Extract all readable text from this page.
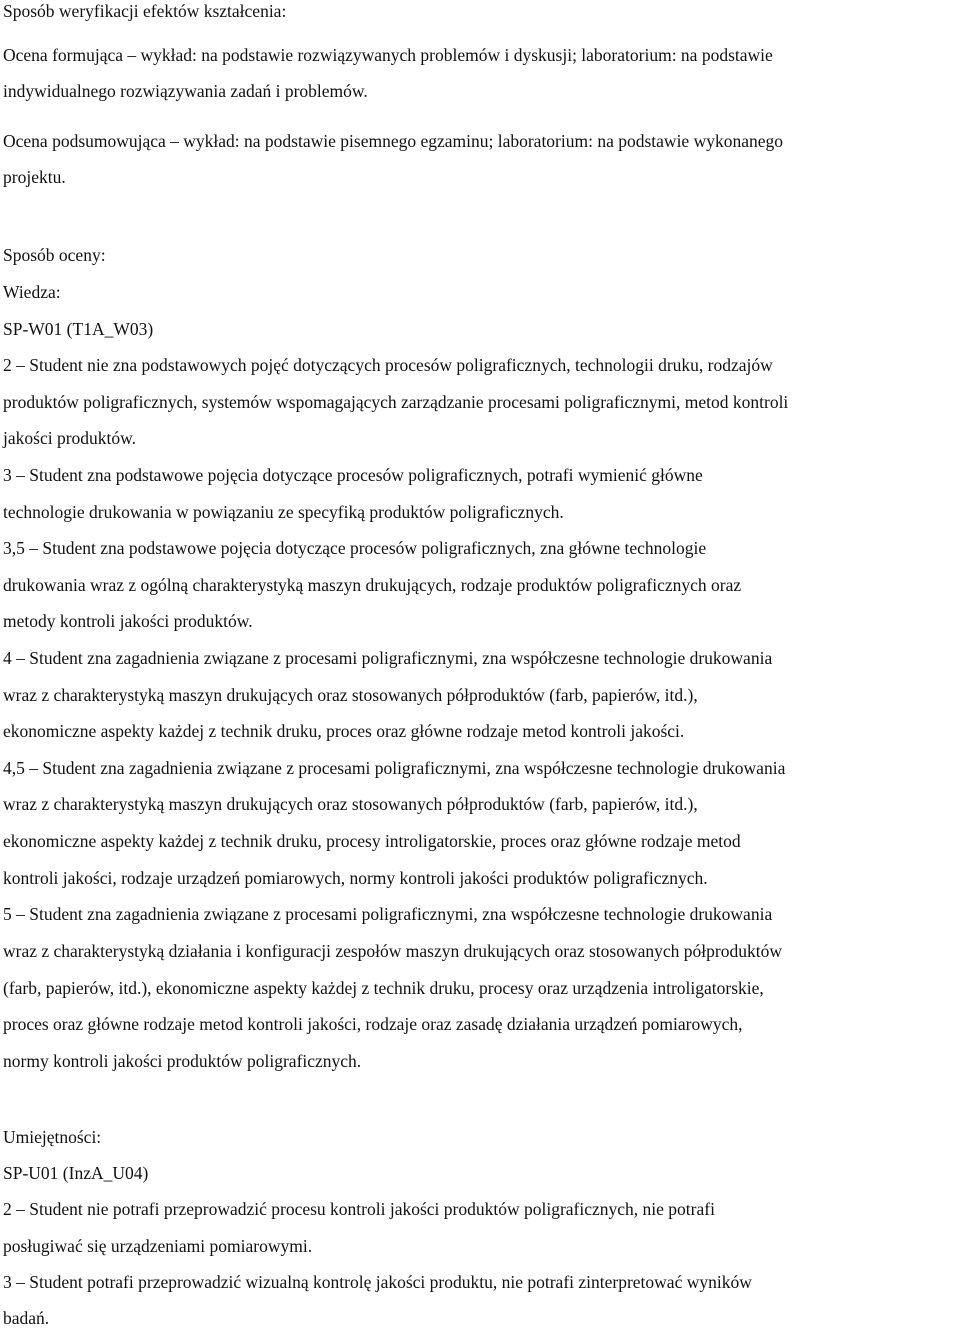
Sposób weryfikacji efektów kształcenia:
Ocena formująca – wykład: na podstawie rozwiązywanych problemów i dyskusji; laboratorium: na podstawie
indywidualnego rozwiązywania zadań i problemów.
Ocena podsumowująca – wykład: na podstawie pisemnego egzaminu; laboratorium: na podstawie wykonanego
projektu.
Sposób oceny:
Wiedza:
SP-W01 (T1A_W03)
2 – Student nie zna podstawowych pojęć dotyczących procesów poligraficznych, technologii druku, rodzajów
produktów poligraficznych, systemów wspomagających zarządzanie procesami poligraficznymi, metod kontroli
jakości produktów.
3 – Student zna podstawowe pojęcia dotyczące procesów poligraficznych, potrafi wymienić główne
technologie drukowania w powiązaniu ze specyfiką produktów poligraficznych.
3,5 – Student zna podstawowe pojęcia dotyczące procesów poligraficznych, zna główne technologie
drukowania wraz z ogólną charakterystyką maszyn drukujących, rodzaje produktów poligraficznych oraz
metody kontroli jakości produktów.
4 – Student zna zagadnienia związane z procesami poligraficznymi, zna współczesne technologie drukowania
wraz z charakterystyką maszyn drukujących oraz stosowanych półproduktów (farb, papierów, itd.),
ekonomiczne aspekty każdej z technik druku, proces oraz główne rodzaje metod kontroli jakości.
4,5 – Student zna zagadnienia związane z procesami poligraficznymi, zna współczesne technologie drukowania
wraz z charakterystyką maszyn drukujących oraz stosowanych półproduktów (farb, papierów, itd.),
ekonomiczne aspekty każdej z technik druku, procesy introligatorskie, proces oraz główne rodzaje metod
kontroli jakości, rodzaje urządzeń pomiarowych, normy kontroli jakości produktów poligraficznych.
5 – Student zna zagadnienia związane z procesami poligraficznymi, zna współczesne technologie drukowania
wraz z charakterystyką działania i konfiguracji zespołów maszyn drukujących oraz stosowanych półproduktów
(farb, papierów, itd.), ekonomiczne aspekty każdej z technik druku, procesy oraz urządzenia introligatorskie,
proces oraz główne rodzaje metod kontroli jakości, rodzaje oraz zasadę działania urządzeń pomiarowych,
normy kontroli jakości produktów poligraficznych.
Umiejętności:
SP-U01 (InzA_U04)
2 – Student nie potrafi przeprowadzić procesu kontroli jakości produktów poligraficznych, nie potrafi
posługiwać się urządzeniami pomiarowymi.
3 – Student potrafi przeprowadzić wizualną kontrolę jakości produktu, nie potrafi zinterpretować wyników
badań.
